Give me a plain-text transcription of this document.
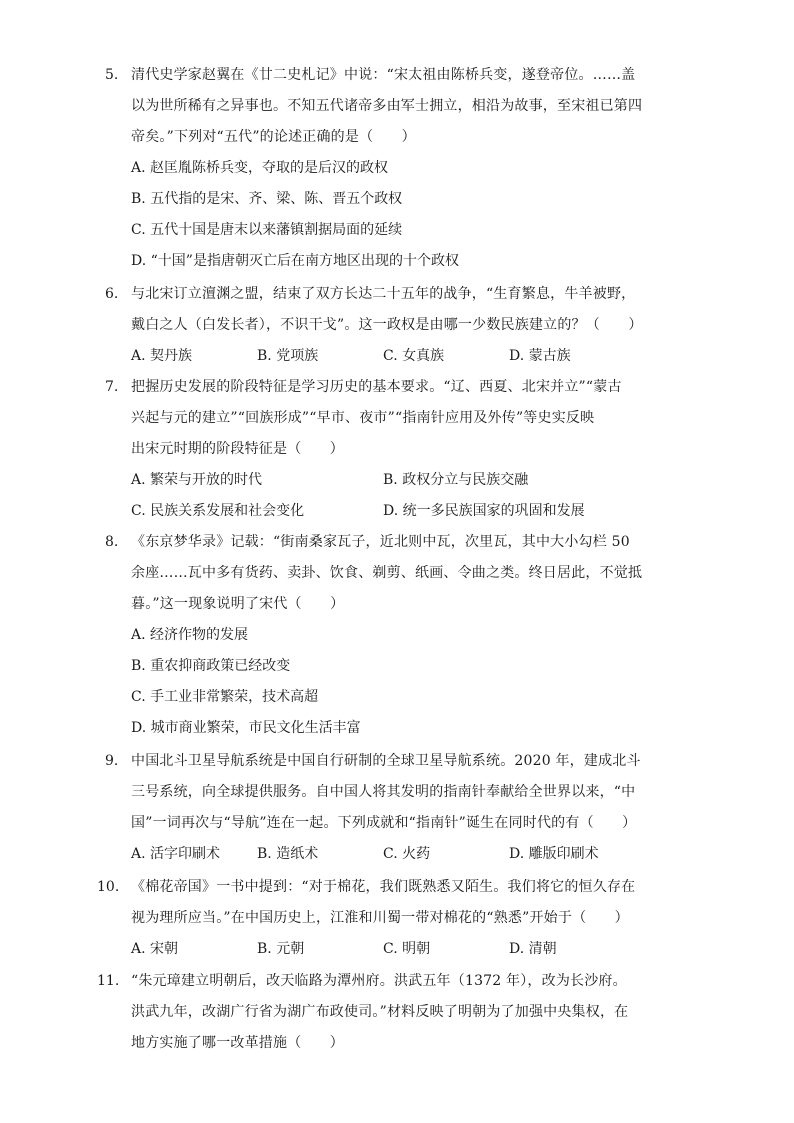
5. 清代史学家赵翼在《廿二史札记》中说：“宋太祖由陈桥兵变，遂登帝位。……盖

以为世所稀有之异事也。不知五代诸帝多由军士拥立，相沿为故事，至宋祖已第四

帝矣。”下列对“五代”的论述正确的是（　　）

A. 赵匡胤陈桥兵变，夺取的是后汉的政权

B. 五代指的是宋、齐、梁、陈、晋五个政权

C. 五代十国是唐末以来藩镇割据局面的延续

D. “十国”是指唐朝灭亡后在南方地区出现的十个政权

6. 与北宋订立澶渊之盟，结束了双方长达二十五年的战争，“生育繁息，牛羊被野，

戴白之人（白发长者），不识干戈”。这一政权是由哪一少数民族建立的？（　　）

A. 契丹族	B. 党项族	C. 女真族	D. 蒙古族
7. 把握历史发展的阶段特征是学习历史的基本要求。“辽、西夏、北宋并立”“蒙古

兴起与元的建立”“回族形成”“早市、夜市”“指南针应用及外传”等史实反映

出宋元时期的阶段特征是（　　）

A. 繁荣与开放的时代	B. 政权分立与民族交融
C. 民族关系发展和社会变化	D. 统一多民族国家的巩固和发展
8. 《东京梦华录》记载：“街南桑家瓦子，近北则中瓦，次里瓦，其中大小勾栏 50

余座……瓦中多有货药、卖卦、饮食、剃剪、纸画、令曲之类。终日居此，不觉抵

暮。”这一现象说明了宋代（　　）

A. 经济作物的发展

B. 重农抑商政策已经改变

C. 手工业非常繁荣，技术高超

D. 城市商业繁荣，市民文化生活丰富

9. 中国北斗卫星导航系统是中国自行研制的全球卫星导航系统。2020 年，建成北斗

三号系统，向全球提供服务。自中国人将其发明的指南针奉献给全世界以来，“中

国”一词再次与“导航”连在一起。下列成就和“指南针”诞生在同时代的有（　　）

A. 活字印刷术	B. 造纸术	C. 火药	D. 雕版印刷术
10. 《棉花帝国》一书中提到：“对于棉花，我们既熟悉又陌生。我们将它的恒久存在

视为理所应当。”在中国历史上，江淮和川蜀一带对棉花的“熟悉”开始于（　　）

A. 宋朝	B. 元朝	C. 明朝	D. 清朝
11. “朱元璋建立明朝后，改天临路为潭州府。洪武五年（1372 年），改为长沙府。

洪武九年，改湖广行省为湖广布政使司。”材料反映了明朝为了加强中央集权，在

地方实施了哪一改革措施（　　）
